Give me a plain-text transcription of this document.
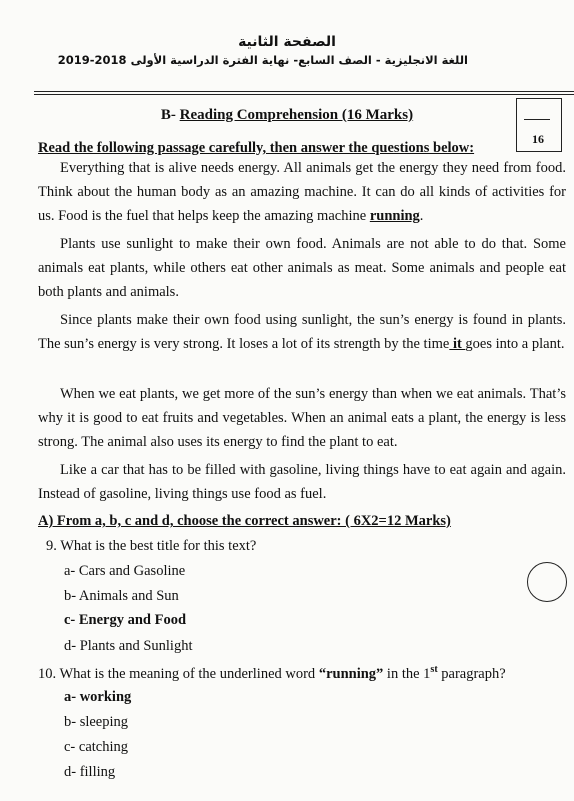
الصفحة الثانية
اللغة الانجليزية - الصف السابع- نهاية الفترة الدراسية الأولى 2018-2019
B- Reading Comprehension (16 Marks)
16
Read the following passage carefully, then answer the questions below:
Everything that is alive needs energy. All animals get the energy they need from food. Think about the human body as an amazing machine. It can do all kinds of activities for us. Food is the fuel that helps keep the amazing machine running.
Plants use sunlight to make their own food. Animals are not able to do that. Some animals eat plants, while others eat other animals as meat. Some animals and people eat both plants and animals.
Since plants make their own food using sunlight, the sun’s energy is found in plants. The sun’s energy is very strong. It loses a lot of its strength by the time it goes into a plant.
When we eat plants, we get more of the sun’s energy than when we eat animals. That’s why it is good to eat fruits and vegetables. When an animal eats a plant, the energy is less strong. The animal also uses its energy to find the plant to eat.
Like a car that has to be filled with gasoline, living things have to eat again and again. Instead of gasoline, living things use food as fuel.
A) From a, b, c and d, choose the correct answer: ( 6X2=12 Marks)
9. What is the best title for this text?
a- Cars and Gasoline
b- Animals and Sun
c- Energy and Food
d- Plants and Sunlight
10. What is the meaning of the underlined word “running” in the 1st paragraph?
a- working
b- sleeping
c- catching
d- filling
